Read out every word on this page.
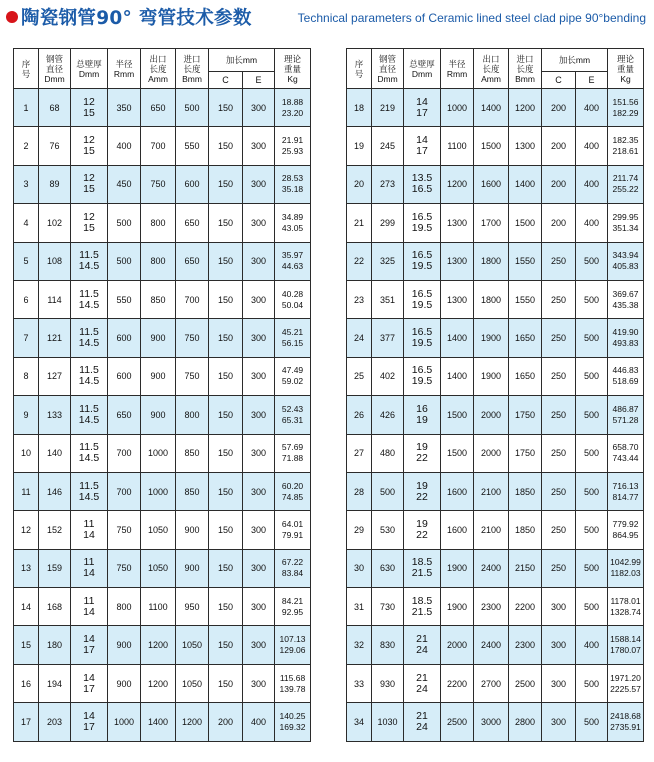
陶瓷钢管90° 弯管技术参数	Technical parameters of Ceramic lined steel clad pipe 90°bending
序
号	钢管
直径
Dmm	总壁厚
Dmm	半径
Rmm	出口
长度
Amm	进口
长度
Bmm	加长mm		理论
重量
Kg

						C	E	
1	68	12
15	350	650	500	150	300	18.88
23.20

2	76	12
15	400	700	550	150	300	21.91
25.93

3	89	12
15	450	750	600	150	300	28.53
35.18

4	102	12
15	500	800	650	150	300	34.89
43.05

5	108	11.5
14.5	500	800	650	150	300	35.97
44.63

6	114	11.5
14.5	550	850	700	150	300	40.28
50.04

7	121	11.5
14.5	600	900	750	150	300	45.21
56.15

8	127	11.5
14.5	600	900	750	150	300	47.49
59.02

9	133	11.5
14.5	650	900	800	150	300	52.43
65.31

10	140	11.5
14.5	700	1000	850	150	300	57.69
71.88

11	146	11.5
14.5	700	1000	850	150	300	60.20
74.85

12	152	11
14	750	1050	900	150	300	64.01
79.91

13	159	11
14	750	1050	900	150	300	67.22
83.84

14	168	11
14	800	1100	950	150	300	84.21
92.95

15	180	14
17	900	1200	1050	150	300	107.13
129.06

16	194	14
17	900	1200	1050	150	300	115.68
139.78

17	203	14
17	1000	1400	1200	200	400	140.25
169.32
序
号	钢管
直径
Dmm	总壁厚
Dmm	半径
Rmm	出口
长度
Amm	进口
长度
Bmm	加长mm		理论
重量
Kg

						C	E	
18	219	14
17	1000	1400	1200	200	400	151.56
182.29

19	245	14
17	1100	1500	1300	200	400	182.35
218.61

20	273	13.5
16.5	1200	1600	1400	200	400	211.74
255.22

21	299	16.5
19.5	1300	1700	1500	200	400	299.95
351.34

22	325	16.5
19.5	1300	1800	1550	250	500	343.94
405.83

23	351	16.5
19.5	1300	1800	1550	250	500	369.67
435.38

24	377	16.5
19.5	1400	1900	1650	250	500	419.90
493.83

25	402	16.5
19.5	1400	1900	1650	250	500	446.83
518.69

26	426	16
19	1500	2000	1750	250	500	486.87
571.28

27	480	19
22	1500	2000	1750	250	500	658.70
743.44

28	500	19
22	1600	2100	1850	250	500	716.13
814.77

29	530	19
22	1600	2100	1850	250	500	779.92
864.95

30	630	18.5
21.5	1900	2400	2150	250	500	1042.99
1182.03

31	730	18.5
21.5	1900	2300	2200	300	500	1178.01
1328.74

32	830	21
24	2000	2400	2300	300	400	1588.14
1780.07

33	930	21
24	2200	2700	2500	300	500	1971.20
2225.57

34	1030	21
24	2500	3000	2800	300	500	2418.68
2735.91
